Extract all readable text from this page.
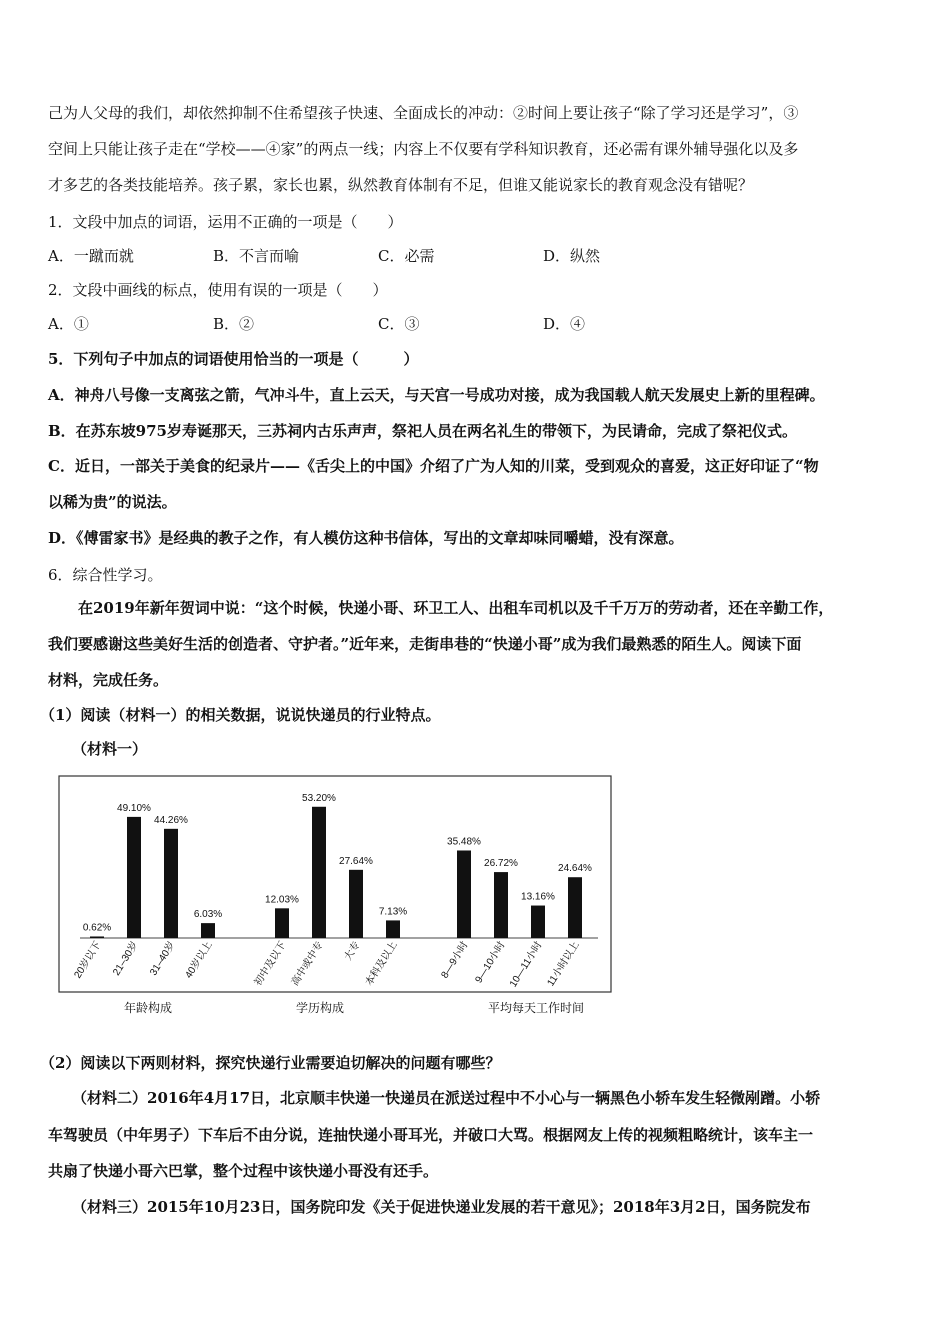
己为人父母的我们，却依然抑制不住希望孩子快速、全面成长的冲动：②时间上要让孩子“除了学习还是学习”，③
空间上只能让孩子走在“学校——④家”的两点一线；内容上不仅要有学科知识教育，还必需有课外辅导强化以及多
才多艺的各类技能培养。孩子累，家长也累，纵然教育体制有不足，但谁又能说家长的教育观念没有错呢？
1．文段中加点的词语，运用不正确的一项是（　　）
A．一蹴而就	B．不言而喻	C．必需	D．纵然
2．文段中画线的标点，使用有误的一项是（　　）
A．①	B．②	C．③	D．④
5．下列句子中加点的词语使用恰当的一项是（　　　）
A．神舟八号像一支离弦之箭，气冲斗牛，直上云天，与天宫一号成功对接，成为我国载人航天发展史上新的里程碑。
B．在苏东坡975岁寿诞那天，三苏祠内古乐声声，祭祀人员在两名礼生的带领下，为民请命，完成了祭祀仪式。
C．近日，一部关于美食的纪录片——《舌尖上的中国》介绍了广为人知的川菜，受到观众的喜爱，这正好印证了“物
以稀为贵”的说法。
D．《傅雷家书》是经典的教子之作，有人模仿这种书信体，写出的文章却味同嚼蜡，没有深意。
6．综合性学习。
在2019年新年贺词中说：“这个时候，快递小哥、环卫工人、出租车司机以及千千万万的劳动者，还在辛勤工作，
我们要感谢这些美好生活的创造者、守护者。”近年来，走街串巷的“快递小哥”成为我们最熟悉的陌生人。阅读下面
材料，完成任务。
（1）阅读（材料一）的相关数据，说说快递员的行业特点。
（材料一）
0.62%
20岁以下
49.10%
21–30岁
44.26%
31–40岁
6.03%
40岁以上
年龄构成
12.03%
初中及以下
53.20%
高中或中专
27.64%
大专
7.13%
本科及以上
学历构成
35.48%
8—9小时
26.72%
9—10小时
13.16%
10—11小时
24.64%
11小时以上
平均每天工作时间
（2）阅读以下两则材料，探究快递行业需要迫切解决的问题有哪些？
（材料二）2016年4月17日，北京顺丰快递一快递员在派送过程中不小心与一辆黑色小轿车发生轻微剐蹭。小轿
车驾驶员（中年男子）下车后不由分说，连抽快递小哥耳光，并破口大骂。根据网友上传的视频粗略统计，该车主一
共扇了快递小哥六巴掌，整个过程中该快递小哥没有还手。
（材料三）2015年10月23日，国务院印发《关于促进快递业发展的若干意见》；2018年3月2日，国务院发布
